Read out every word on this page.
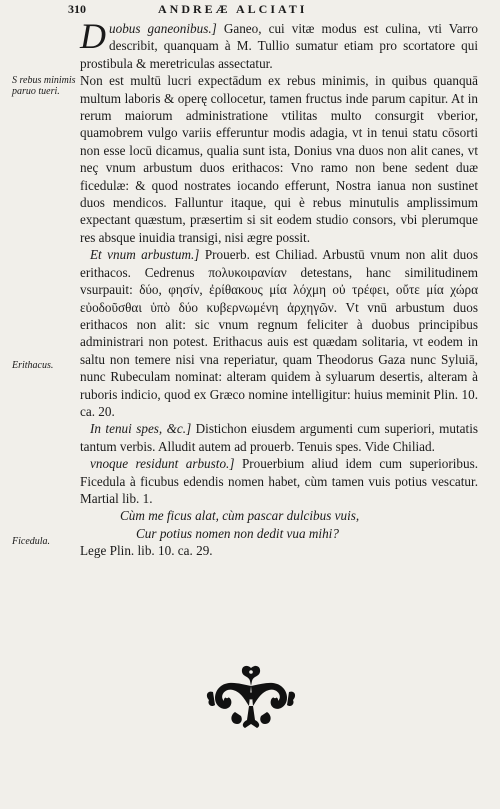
310	ANDREÆ ALCIATI
S rebus minimis paruo tueri.
Erithacus.
Ficedula.

Duobus ganeonibus.] Ganeo, cui vitæ modus est culina, vti Varro describit, quanquam à M. Tullio sumatur etiam pro scortatore qui prostibula & meretriculas assectatur.

Non est multū lucri expectādum ex rebus minimis, in quibus quanquā multum laboris & operę collocetur, tamen fructus inde parum capitur. At in rerum maiorum administratione vtilitas multo consurgit vberior, quamobrem vulgo variis efferuntur modis adagia, vt in tenui statu cōsorti non esse locū dicamus, qualia sunt ista, Donius vna duos non alit canes, vt neç vnum arbustum duos erithacos: Vno ramo non bene sedent duæ ficedulæ: & quod nostrates iocando efferunt, Nostra ianua non sustinet duos mendicos. Falluntur itaque, qui è rebus minutulis amplissimum expectant quæstum, præsertim si sit eodem studio consors, vbi plerumque res absque inuidia transigi, nisi ægre possit.

Et vnum arbustum.] Prouerb. est Chiliad. Arbustū vnum non alit duos erithacos. Cedrenus πολυκοιρανίαν detestans, hanc similitudinem vsurpauit: δύο, φησίν, ἐρίθακους μία λόχμη οὐ τρέφει, οὔτε μία χώρα εὐοδοῦσθαι ὑπὸ δύο κυβερνωμένη ἀρχηγῶν. Vt vnū arbustum duos erithacos non alit: sic vnum regnum feliciter à duobus principibus administrari non potest. Erithacus auis est quædam solitaria, vt eodem in saltu non temere nisi vna reperiatur, quam Theodorus Gaza nunc Syluiā, nunc Rubeculam nominat: alteram quidem à syluarum desertis, alteram à ruboris indicio, quod ex Græco nomine intelligitur: huius meminit Plin. 10. ca. 20.

In tenui spes, &c.] Distichon eiusdem argumenti cum superiori, mutatis tantum verbis. Alludit autem ad prouerb. Tenuis spes. Vide Chiliad.

vnoque residunt arbusto.] Prouerbium aliud idem cum superioribus. Ficedula à ficubus edendis nomen habet, cùm tamen vuis potius vescatur. Martial lib. 1.

Cùm me ficus alat, cùm pascar dulcibus vuis,

Cur potius nomen non dedit vua mihi?

Lege Plin. lib. 10. ca. 29.
